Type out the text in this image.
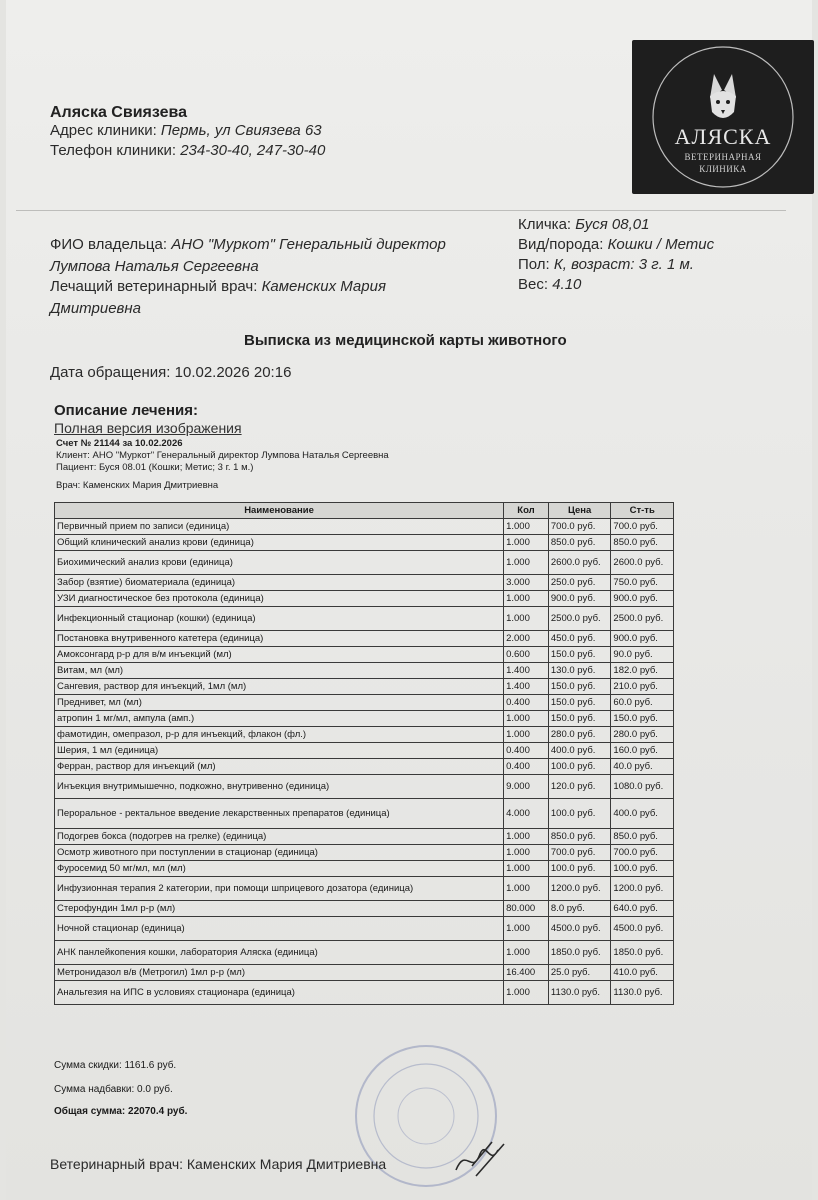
Аляска Свиязева
Адрес клиники: Пермь, ул Свиязева 63
Телефон клиники: 234-30-40, 247-30-40
АЛЯСКА
ВЕТЕРИНАРНАЯ
КЛИНИКА
ФИО владельца: АНО "Муркот" Генеральный директор
Лумпова Наталья Сергеевна
Лечащий ветеринарный врач: Каменских Мария
Дмитриевна
Кличка: Буся 08,01
Вид/порода: Кошки / Метис
Пол: К, возраст: 3 г. 1 м.
Вес: 4.10
Выписка из медицинской карты животного
Дата обращения: 10.02.2026 20:16
Описание лечения:
Полная версия изображения
Счет № 21144 за 10.02.2026
Клиент: АНО "Муркот" Генеральный директор Лумпова Наталья Сергеевна
Пациент: Буся 08.01 (Кошки; Метис; 3 г. 1 м.)
Врач: Каменских Мария Дмитриевна
Наименование	Кол	Цена	Ст-ть
Первичный прием по записи (единица)	1.000	700.0 руб.	700.0 руб.
Общий клинический анализ крови (единица)	1.000	850.0 руб.	850.0 руб.
Биохимический анализ крови (единица)	1.000	2600.0 руб.	2600.0 руб.
Забор (взятие) биоматериала (единица)	3.000	250.0 руб.	750.0 руб.
УЗИ диагностическое без протокола (единица)	1.000	900.0 руб.	900.0 руб.
Инфекционный стационар (кошки) (единица)	1.000	2500.0 руб.	2500.0 руб.
Постановка внутривенного катетера (единица)	2.000	450.0 руб.	900.0 руб.
Амоксонгард р-р для в/м инъекций (мл)	0.600	150.0 руб.	90.0 руб.
Витам, мл (мл)	1.400	130.0 руб.	182.0 руб.
Сангевия, раствор для инъекций, 1мл (мл)	1.400	150.0 руб.	210.0 руб.
Преднивет, мл (мл)	0.400	150.0 руб.	60.0 руб.
атропин 1 мг/мл, ампула (амп.)	1.000	150.0 руб.	150.0 руб.
фамотидин, омепразол, р-р для инъекций, флакон (фл.)	1.000	280.0 руб.	280.0 руб.
Шерия, 1 мл (единица)	0.400	400.0 руб.	160.0 руб.
Ферран, раствор для инъекций (мл)	0.400	100.0 руб.	40.0 руб.
Инъекция внутримышечно, подкожно, внутривенно (единица)	9.000	120.0 руб.	1080.0 руб.
Пероральное - ректальное введение лекарственных препаратов (единица)	4.000	100.0 руб.	400.0 руб.
Подогрев бокса (подогрев на грелке) (единица)	1.000	850.0 руб.	850.0 руб.
Осмотр животного при поступлении в стационар (единица)	1.000	700.0 руб.	700.0 руб.
Фуросемид 50 мг/мл, мл (мл)	1.000	100.0 руб.	100.0 руб.
Инфузионная терапия 2 категории, при помощи шприцевого дозатора (единица)	1.000	1200.0 руб.	1200.0 руб.
Стерофундин 1мл р-р (мл)	80.000	8.0 руб.	640.0 руб.
Ночной стационар (единица)	1.000	4500.0 руб.	4500.0 руб.
АНК панлейкопения кошки, лаборатория Аляска (единица)	1.000	1850.0 руб.	1850.0 руб.
Метронидазол в/в (Метрогил) 1мл р-р (мл)	16.400	25.0 руб.	410.0 руб.
Анальгезия на ИПС в условиях стационара (единица)	1.000	1130.0 руб.	1130.0 руб.
Сумма скидки: 1161.6 руб.
Сумма надбавки: 0.0 руб.
Общая сумма: 22070.4 руб.
Ветеринарный врач: Каменских Мария Дмитриевна
